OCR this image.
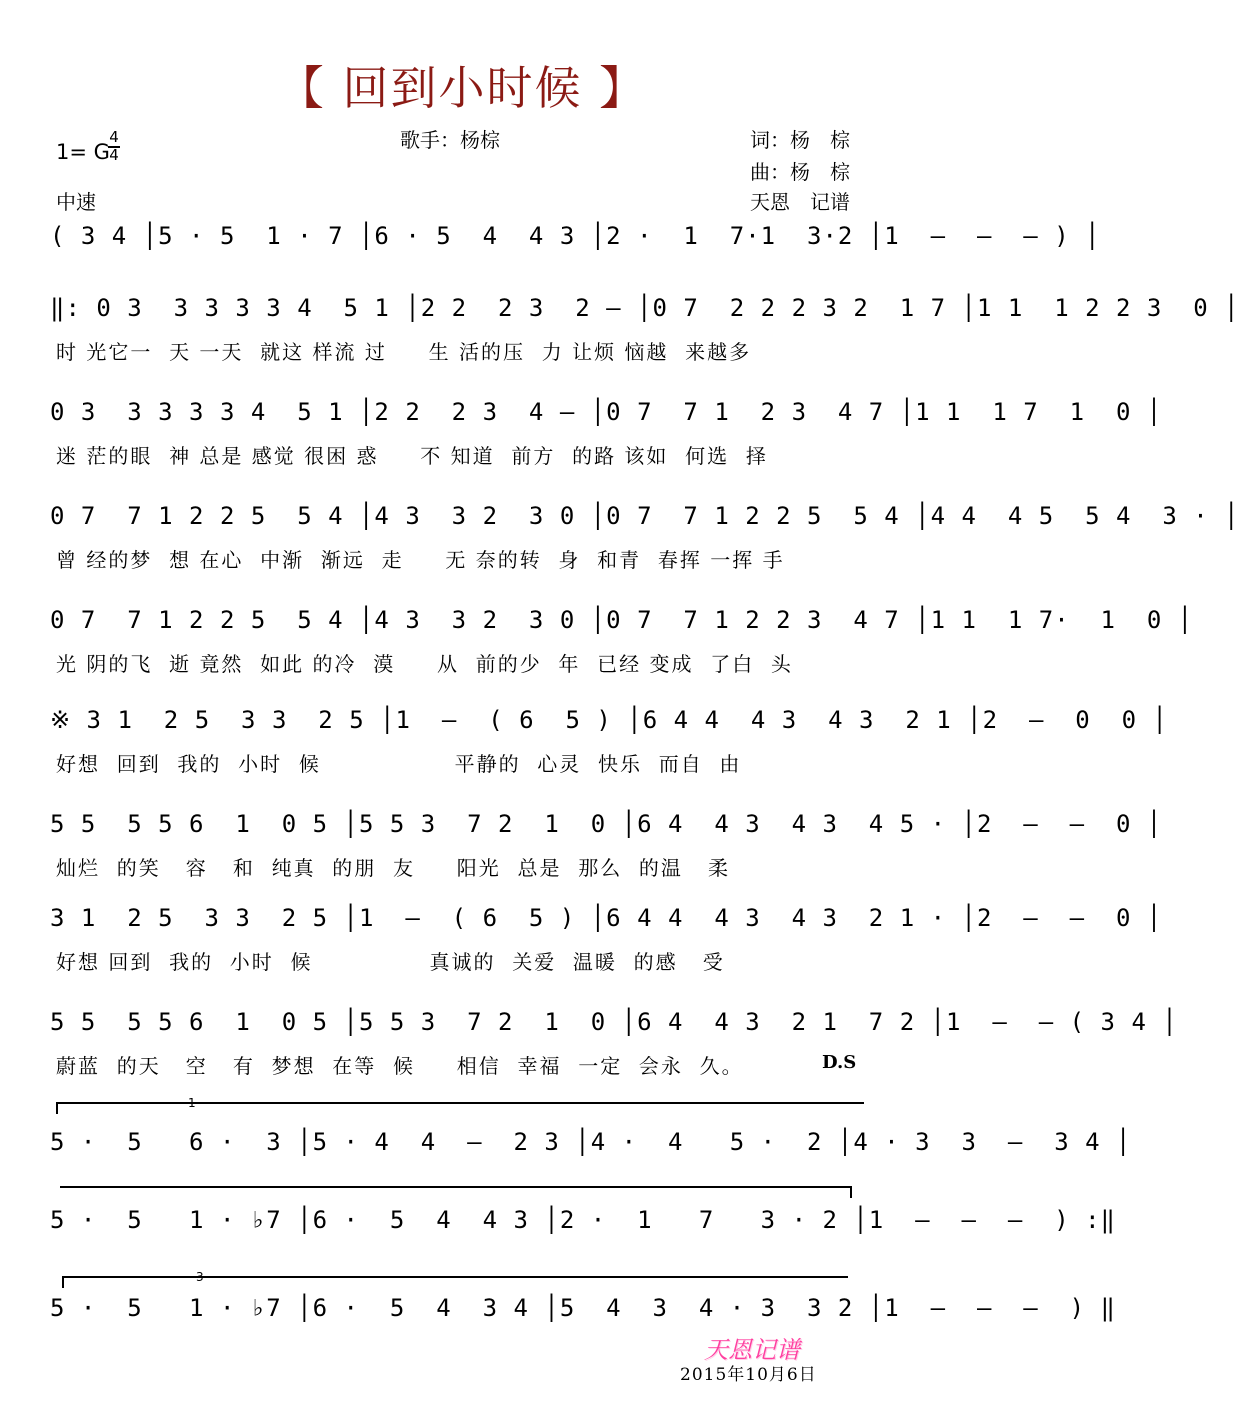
【 回到小时候 】
歌手：杨棕	词：杨　棕
曲：杨　棕
天恩　记谱
1= G
4
4
中速
( 3 4 │5 · 5  1 · 7 │6 · 5  4  4 3 │2 ·  1  7·1  3·2 │1  –  –  – ) │
‖: 0 3  3 3 3 3 4  5 1 │2 2  2 3  2 – │0 7  2 2 2 3 2  1 7 │1 1  1 2 2 3  0 │
时 光它一  天 一天  就这 样流 过     生 活的压  力 让烦 恼越  来越多
0 3  3 3 3 3 4  5 1 │2 2  2 3  4 – │0 7  7 1  2 3  4 7 │1 1  1 7  1  0 │
迷 茫的眼  神 总是 感觉 很困 惑     不 知道  前方  的路 该如  何选  择
0 7  7 1 2 2 5  5 4 │4 3  3 2  3 0 │0 7  7 1 2 2 5  5 4 │4 4  4 5  5 4  3 · │
曾 经的梦  想 在心  中渐  渐远  走     无 奈的转  身  和青  春挥 一挥 手
0 7  7 1 2 2 5  5 4 │4 3  3 2  3 0 │0 7  7 1 2 2 3  4 7 │1 1  1 7·  1  0 │
光 阴的飞  逝 竟然  如此 的冷  漠     从  前的少  年  已经 变成  了白  头
※ 3 1  2 5  3 3  2 5 │1  –  ( 6  5 ) │6 4 4  4 3  4 3  2 1 │2  –  0  0 │
好想  回到  我的  小时  候                平静的  心灵  快乐  而自  由
5 5  5 5 6  1  0 5 │5 5 3  7 2  1  0 │6 4  4 3  4 3  4 5 · │2  –  –  0 │
灿烂  的笑   容   和  纯真  的朋  友     阳光  总是  那么  的温   柔
3 1  2 5  3 3  2 5 │1  –  ( 6  5 ) │6 4 4  4 3  4 3  2 1 · │2  –  –  0 │
好想 回到  我的  小时  候              真诚的  关爱  温暖  的感   受
5 5  5 5 6  1  0 5 │5 5 3  7 2  1  0 │6 4  4 3  2 1  7 2 │1  –  – ( 3 4 │
蔚蓝  的天   空   有  梦想  在等  候     相信  幸福  一定  会永  久。	D.S
1
5 ·  5   6 ·  3 │5 · 4  4  –  2 3 │4 ·  4   5 ·  2 │4 · 3  3  –  3 4 │
5 ·  5   1 · ♭7 │6 ·  5  4  4 3 │2 ·  1   7   3 · 2 │1  –  –  –  ) :‖
3
5 ·  5   1 · ♭7 │6 ·  5  4  3 4 │5  4  3  4 · 3  3 2 │1  –  –  –  ) ‖
天恩记谱
2015年10月6日
